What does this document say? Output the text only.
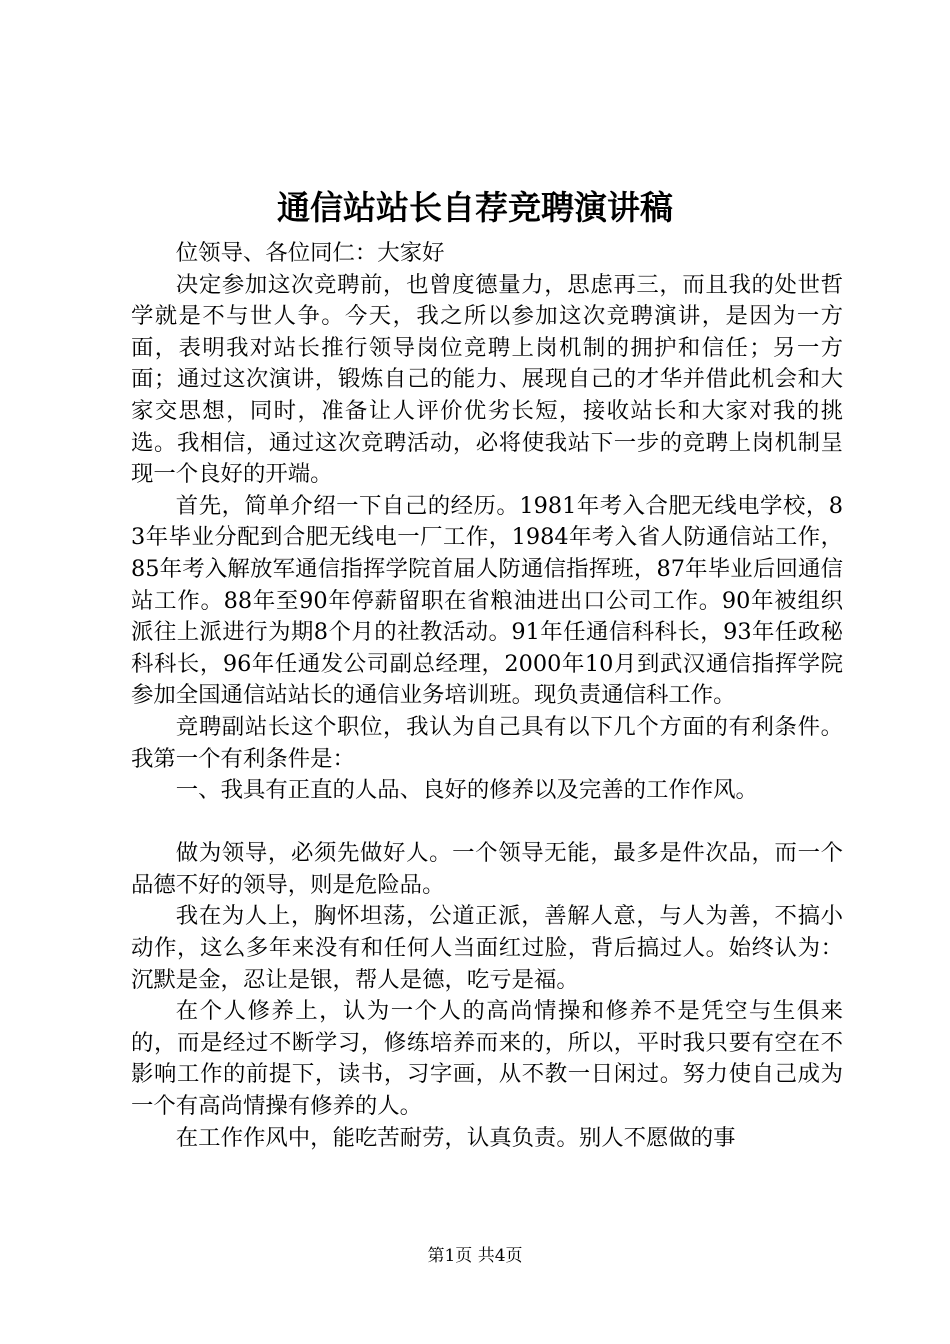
通信站站长自荐竞聘演讲稿

位领导、各位同仁：大家好

决定参加这次竞聘前，也曾度德量力，思虑再三，而且我的处世哲学就是不与世人争。今天，我之所以参加这次竞聘演讲，是因为一方面，表明我对站长推行领导岗位竞聘上岗机制的拥护和信任；另一方面；通过这次演讲，锻炼自己的能力、展现自己的才华并借此机会和大家交思想，同时，准备让人评价优劣长短，接收站长和大家对我的挑选。我相信，通过这次竞聘活动，必将使我站下一步的竞聘上岗机制呈现一个良好的开端。

首先，简单介绍一下自己的经历。1981年考入合肥无线电学校，83年毕业分配到合肥无线电一厂工作，1984年考入省人防通信站工作，85年考入解放军通信指挥学院首届人防通信指挥班，87年毕业后回通信站工作。88年至90年停薪留职在省粮油进出口公司工作。90年被组织派往上派进行为期8个月的社教活动。91年任通信科科长，93年任政秘科科长，96年任通发公司副总经理，2000年10月到武汉通信指挥学院参加全国通信站站长的通信业务培训班。现负责通信科工作。

竞聘副站长这个职位，我认为自己具有以下几个方面的有利条件。我第一个有利条件是：

一、我具有正直的人品、良好的修养以及完善的工作作风。

做为领导，必须先做好人。一个领导无能，最多是件次品，而一个品德不好的领导，则是危险品。

我在为人上，胸怀坦荡，公道正派，善解人意，与人为善，不搞小动作，这么多年来没有和任何人当面红过脸，背后搞过人。始终认为：沉默是金，忍让是银，帮人是德，吃亏是福。

在个人修养上，认为一个人的高尚情操和修养不是凭空与生俱来的，而是经过不断学习，修练培养而来的，所以，平时我只要有空在不影响工作的前提下，读书，习字画，从不教一日闲过。努力使自己成为一个有高尚情操有修养的人。

在工作作风中，能吃苦耐劳，认真负责。别人不愿做的事

第1页 共4页
